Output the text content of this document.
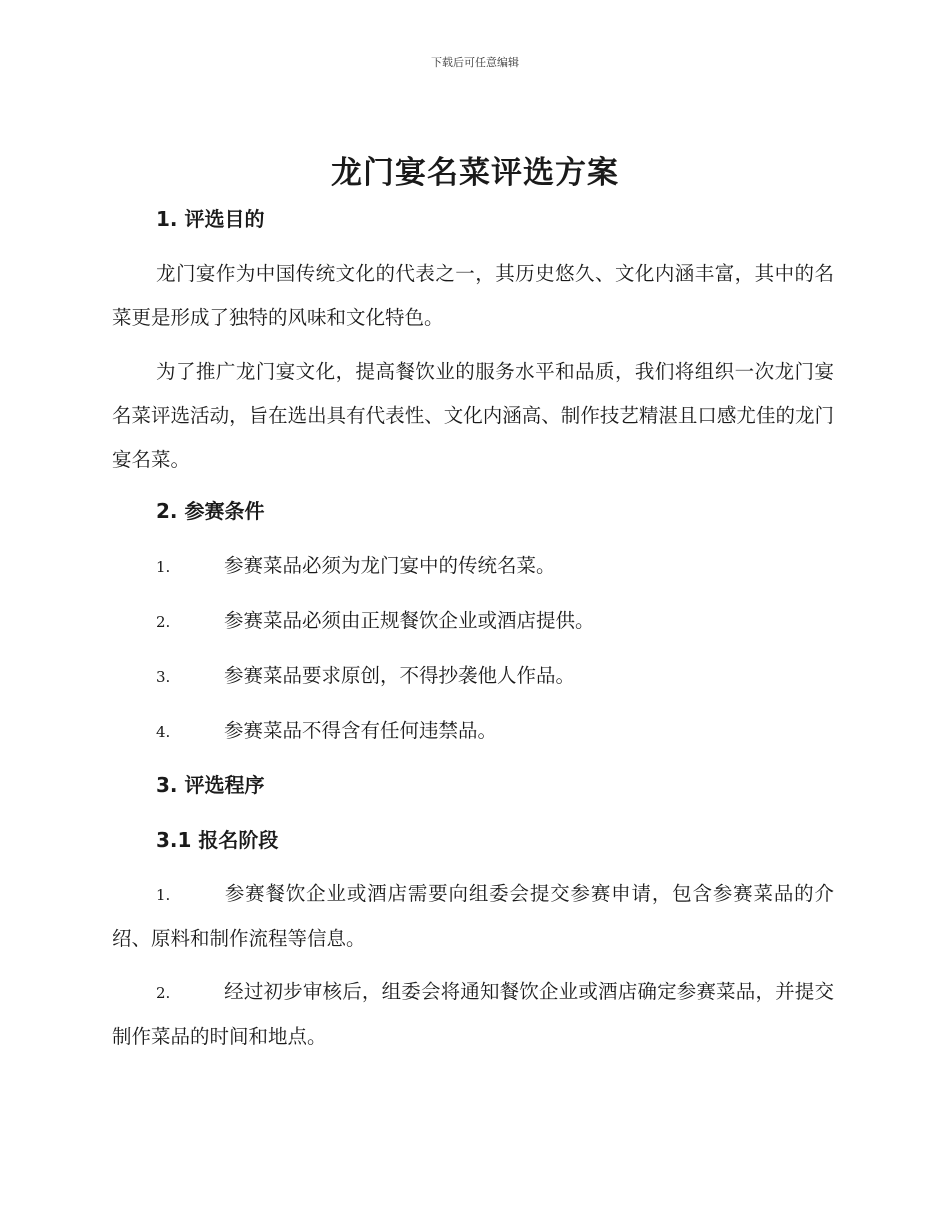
下载后可任意编辑
龙门宴名菜评选方案
1. 评选目的
龙门宴作为中国传统文化的代表之一，其历史悠久、文化内涵丰富，其中的名菜更是形成了独特的风味和文化特色。
为了推广龙门宴文化，提高餐饮业的服务水平和品质，我们将组织一次龙门宴名菜评选活动，旨在选出具有代表性、文化内涵高、制作技艺精湛且口感尤佳的龙门宴名菜。
2. 参赛条件
1.	参赛菜品必须为龙门宴中的传统名菜。
2.	参赛菜品必须由正规餐饮企业或酒店提供。
3.	参赛菜品要求原创，不得抄袭他人作品。
4.	参赛菜品不得含有任何违禁品。
3. 评选程序
3.1 报名阶段
1.	参赛餐饮企业或酒店需要向组委会提交参赛申请，包含参赛菜品的介绍、原料和制作流程等信息。
2.	经过初步审核后，组委会将通知餐饮企业或酒店确定参赛菜品，并提交制作菜品的时间和地点。
